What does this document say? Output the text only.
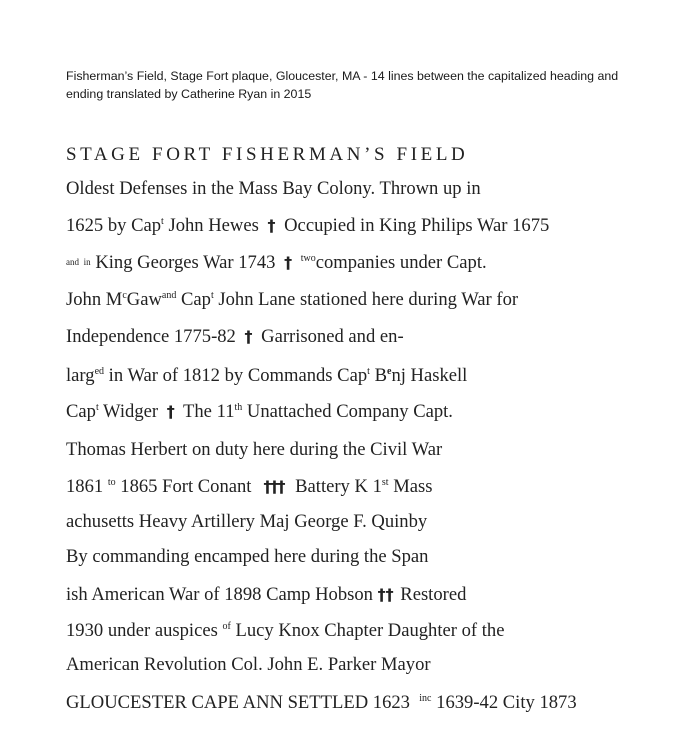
Fisherman’s Field, Stage Fort plaque, Gloucester, MA - 14 lines between the capitalized heading and
ending translated by Catherine Ryan in 2015
STAGE FORT FISHERMAN’S FIELD
Oldest Defenses in the Mass Bay Colony. Thrown up in
1625 by Cap$^t$ John Hewes † Occupied in King Philips War 1675
and in King Georges War 1743 † $^{two}$companies under Capt.
John $M^cGaw^{and}$ Cap$^t$ John Lane stationed here during War for
Independence 1775-82 † Garrisoned and en-
larg$^{ed}$ in War of 1812 by Commands Cap$^t$ $B^enj$ Haskell
Cap$^t$ Widger † The 11th Unattached Company Capt.
Thomas Herbert on duty here during the Civil War
1861 $^{to}$ 1865 Fort Conant ††† Battery K 1st Mass
achusetts Heavy Artillery Maj George F. Quinby
By commanding encamped here during the Span
ish American War of 1898 Camp Hobson †† Restored
1930 under auspices $^{of}$ Lucy Knox Chapter Daughter of the
American Revolution Col. John E. Parker Mayor
GLOUCESTER CAPE ANN SETTLED 1623  $^{inc}$ 1639-42 City 1873
